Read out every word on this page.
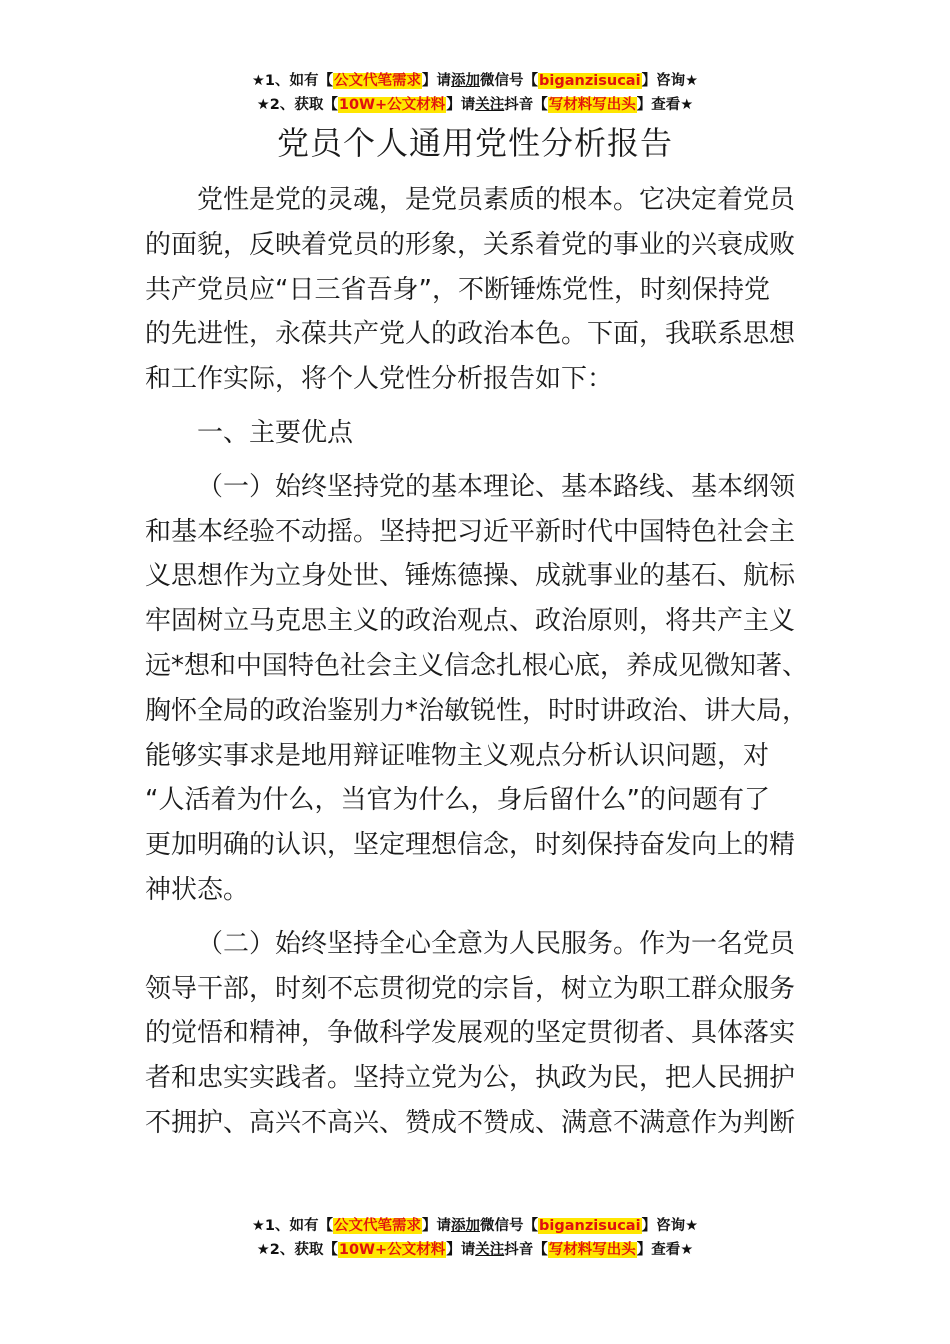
★1、如有【公文代笔需求】请添加微信号【biganzisucai】咨询★
★2、获取【10W+公文材料】请关注抖音【写材料写出头】查看★
党员个人通用党性分析报告
党性是党的灵魂，是党员素质的根本。它决定着党员
的面貌，反映着党员的形象，关系着党的事业的兴衰成败
共产党员应“日三省吾身”，不断锤炼党性，时刻保持党
的先进性，永葆共产党人的政治本色。下面，我联系思想
和工作实际，将个人党性分析报告如下：
一、主要优点
（一）始终坚持党的基本理论、基本路线、基本纲领
和基本经验不动摇。坚持把习近平新时代中国特色社会主
义思想作为立身处世、锤炼德操、成就事业的基石、航标
牢固树立马克思主义的政治观点、政治原则，将共产主义
远*想和中国特色社会主义信念扎根心底，养成见微知著、
胸怀全局的政治鉴别力*治敏锐性，时时讲政治、讲大局，
能够实事求是地用辩证唯物主义观点分析认识问题，对
“人活着为什么，当官为什么，身后留什么”的问题有了
更加明确的认识，坚定理想信念，时刻保持奋发向上的精
神状态。
（二）始终坚持全心全意为人民服务。作为一名党员
领导干部，时刻不忘贯彻党的宗旨，树立为职工群众服务
的觉悟和精神，争做科学发展观的坚定贯彻者、具体落实
者和忠实实践者。坚持立党为公，执政为民，把人民拥护
不拥护、高兴不高兴、赞成不赞成、满意不满意作为判断
★1、如有【公文代笔需求】请添加微信号【biganzisucai】咨询★
★2、获取【10W+公文材料】请关注抖音【写材料写出头】查看★
